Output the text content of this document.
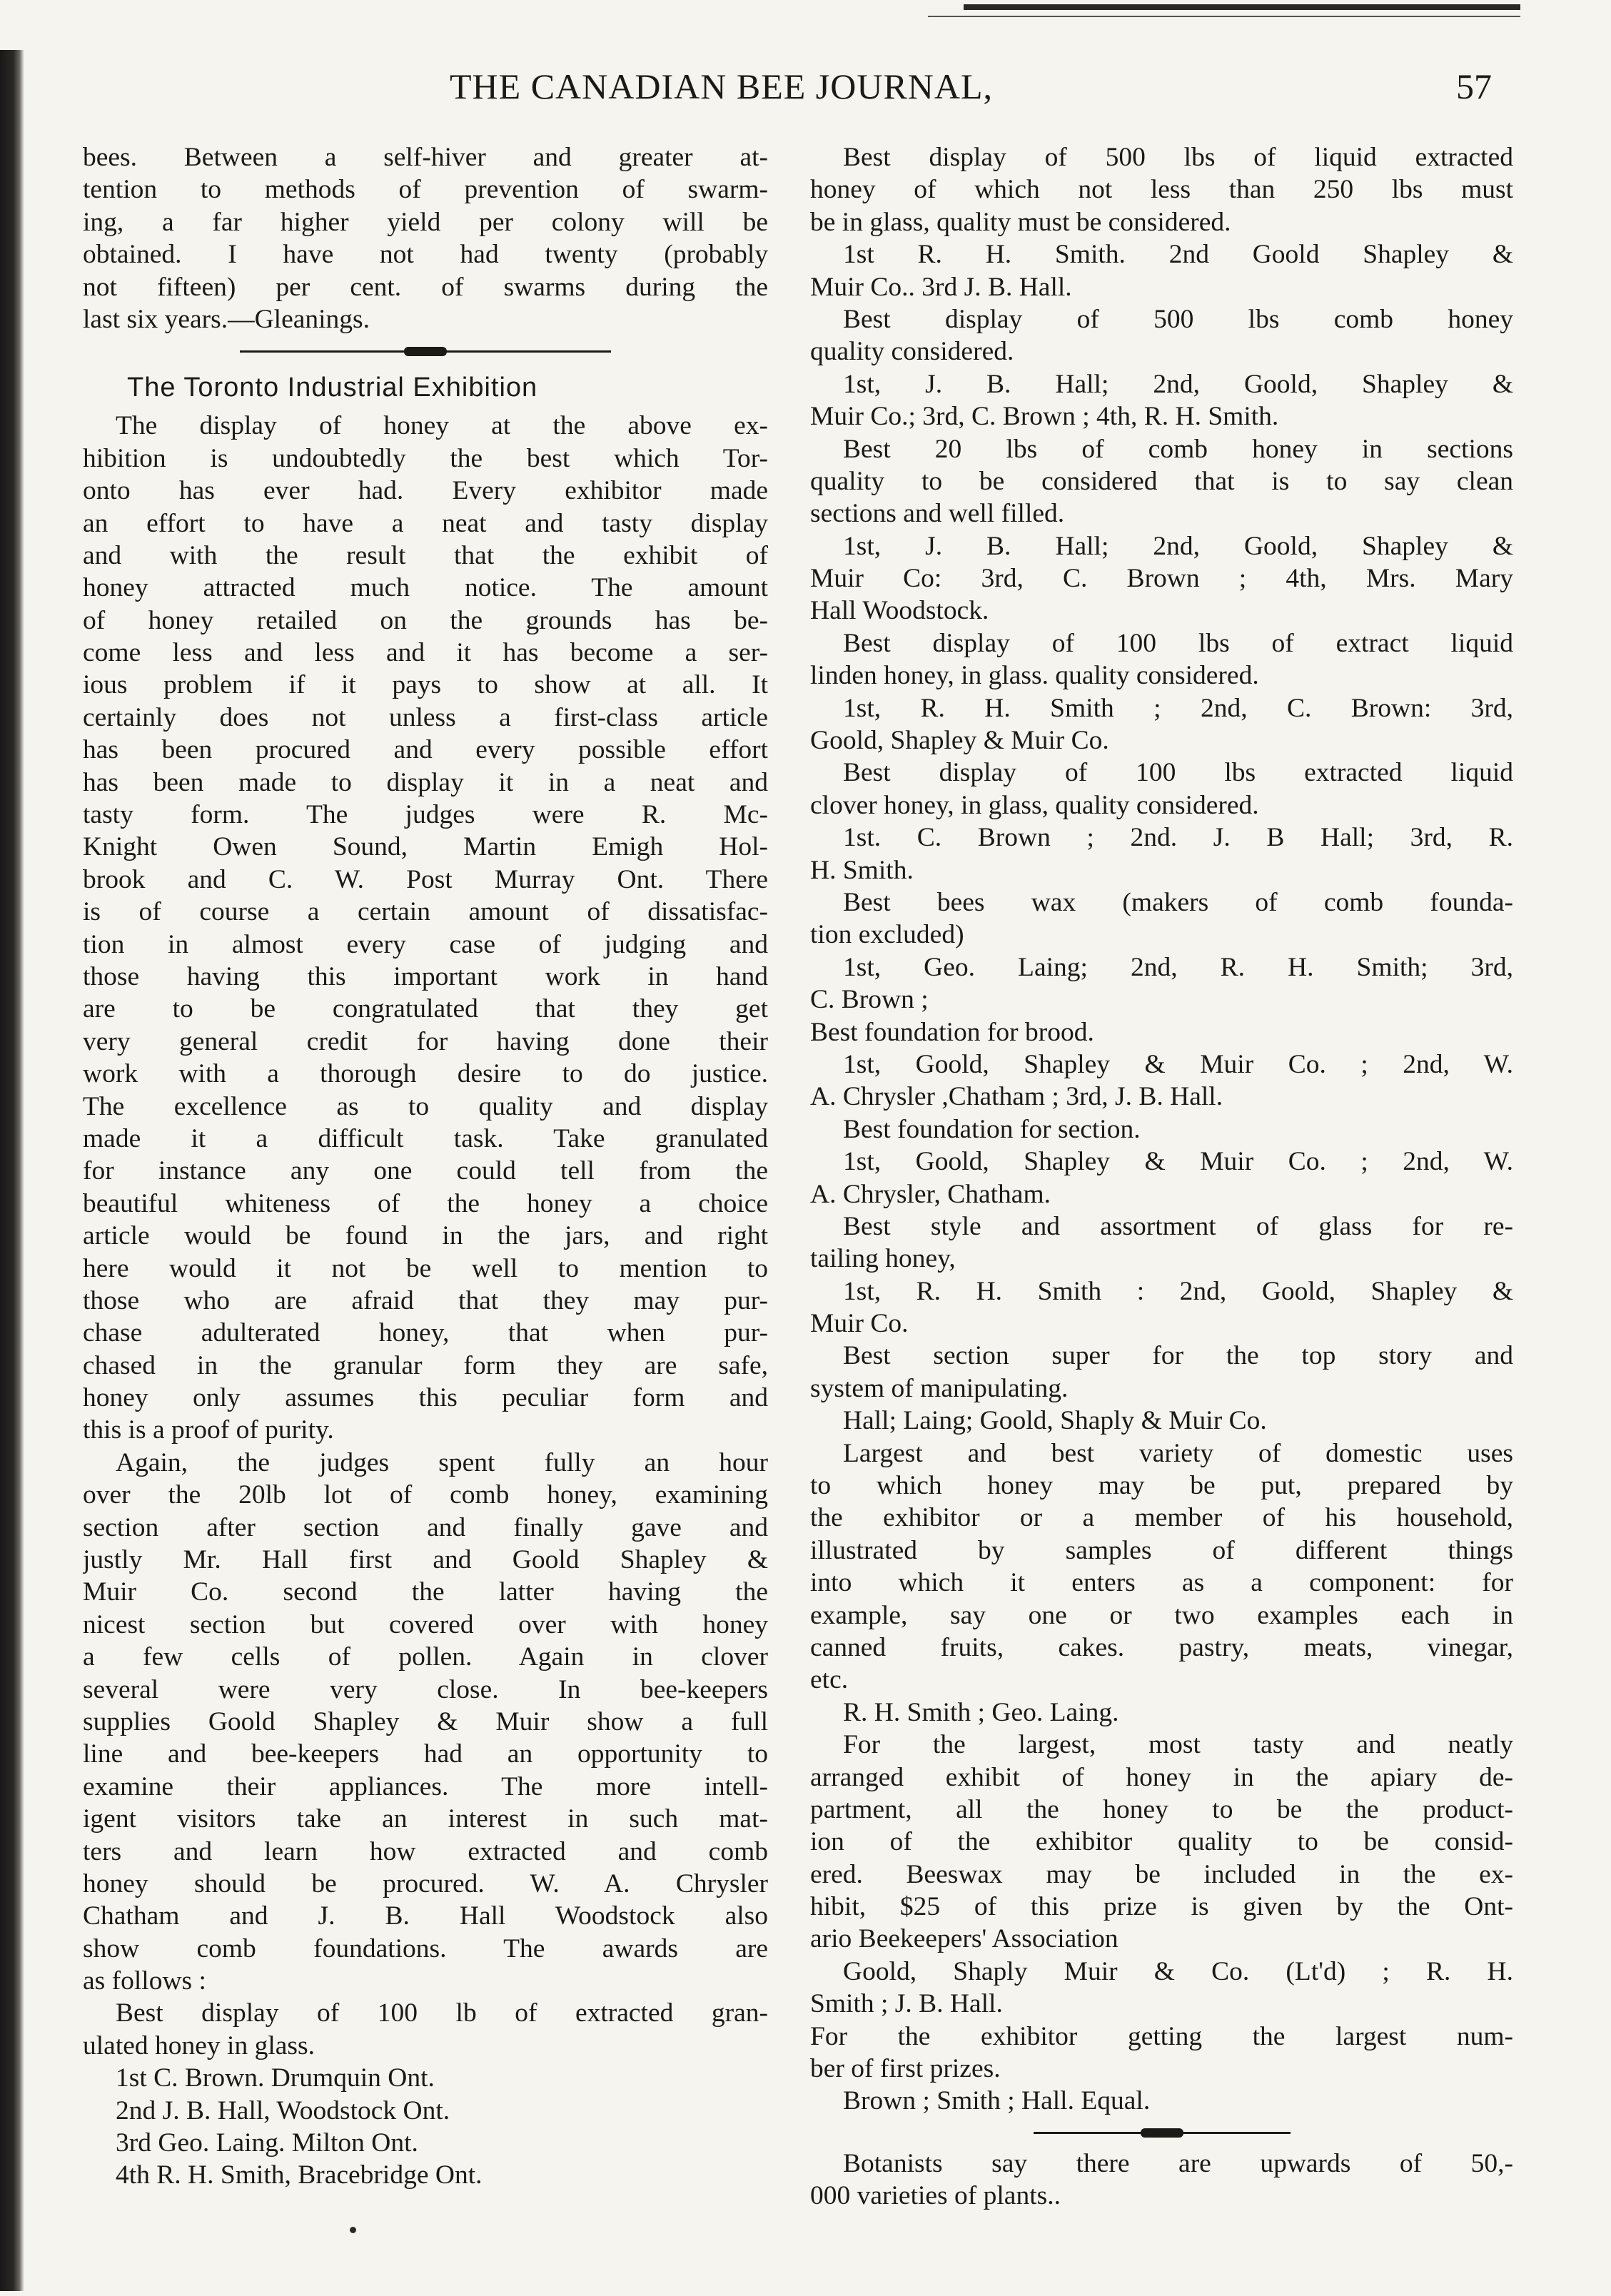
THE CANADIAN BEE JOURNAL,	57
bees. Between a self-hiver and greater at-
tention to methods of prevention of swarm-
ing, a far higher yield per colony will be
obtained. I have not had twenty (probably
not fifteen) per cent. of swarms during the
last six years.—Gleanings.
The Toronto Industrial Exhibition
The display of honey at the above ex-
hibition is undoubtedly the best which Tor-
onto has ever had. Every exhibitor made
an effort to have a neat and tasty display
and with the result that the exhibit of
honey attracted much notice. The amount
of honey retailed on the grounds has be-
come less and less and it has become a ser-
ious problem if it pays to show at all. It
certainly does not unless a first-class article
has been procured and every possible effort
has been made to display it in a neat and
tasty form. The judges were R. Mc-
Knight Owen Sound, Martin Emigh Hol-
brook and C. W. Post Murray Ont. There
is of course a certain amount of dissatisfac-
tion in almost every case of judging and
those having this important work in hand
are to be congratulated that they get
very general credit for having done their
work with a thorough desire to do justice.
The excellence as to quality and display
made it a difficult task. Take granulated
for instance any one could tell from the
beautiful whiteness of the honey a choice
article would be found in the jars, and right
here would it not be well to mention to
those who are afraid that they may pur-
chase adulterated honey, that when pur-
chased in the granular form they are safe,
honey only assumes this peculiar form and
this is a proof of purity.
Again, the judges spent fully an hour
over the 20lb lot of comb honey, examining
section after section and finally gave and
justly Mr. Hall first and Goold Shapley &
Muir Co. second the latter having the
nicest section but covered over with honey
a few cells of pollen. Again in clover
several were very close. In bee-keepers
supplies Goold Shapley & Muir show a full
line and bee-keepers had an opportunity to
examine their appliances. The more intell-
igent visitors take an interest in such mat-
ters and learn how extracted and comb
honey should be procured. W. A. Chrysler
Chatham and J. B. Hall Woodstock also
show comb foundations. The awards are
as follows :
Best display of 100 lb of extracted gran-
ulated honey in glass.
1st C. Brown. Drumquin Ont.
2nd J. B. Hall, Woodstock Ont.
3rd Geo. Laing. Milton Ont.
4th R. H. Smith, Bracebridge Ont.
Best display of 500 lbs of liquid extracted
honey of which not less than 250 lbs must
be in glass, quality must be considered.
1st R. H. Smith. 2nd Goold Shapley &
Muir Co.. 3rd J. B. Hall.
Best display of 500 lbs comb honey
quality considered.
1st, J. B. Hall; 2nd, Goold, Shapley &
Muir Co.; 3rd, C. Brown ; 4th, R. H. Smith.
Best 20 lbs of comb honey in sections
quality to be considered that is to say clean
sections and well filled.
1st, J. B. Hall; 2nd, Goold, Shapley &
Muir Co: 3rd, C. Brown ; 4th, Mrs. Mary
Hall Woodstock.
Best display of 100 lbs of extract liquid
linden honey, in glass. quality considered.
1st, R. H. Smith ; 2nd, C. Brown: 3rd,
Goold, Shapley & Muir Co.
Best display of 100 lbs extracted liquid
clover honey, in glass, quality considered.
1st. C. Brown ; 2nd. J. B Hall; 3rd, R.
H. Smith.
Best bees wax (makers of comb founda-
tion excluded)
1st, Geo. Laing; 2nd, R. H. Smith; 3rd,
C. Brown ;
Best foundation for brood.
1st, Goold, Shapley & Muir Co. ; 2nd, W.
A. Chrysler ,Chatham ; 3rd, J. B. Hall.
Best foundation for section.
1st, Goold, Shapley & Muir Co. ; 2nd, W.
A. Chrysler, Chatham.
Best style and assortment of glass for re-
tailing honey,
1st, R. H. Smith : 2nd, Goold, Shapley &
Muir Co.
Best section super for the top story and
system of manipulating.
Hall; Laing; Goold, Shaply & Muir Co.
Largest and best variety of domestic uses
to which honey may be put, prepared by
the exhibitor or a member of his household,
illustrated by samples of different things
into which it enters as a component: for
example, say one or two examples each in
canned fruits, cakes. pastry, meats, vinegar,
etc.
R. H. Smith ; Geo. Laing.
For the largest, most tasty and neatly
arranged exhibit of honey in the apiary de-
partment, all the honey to be the product-
ion of the exhibitor quality to be consid-
ered. Beeswax may be included in the ex-
hibit, $25 of this prize is given by the Ont-
ario Beekeepers' Association
Goold, Shaply Muir & Co. (Lt'd) ; R. H.
Smith ; J. B. Hall.
For the exhibitor getting the largest num-
ber of first prizes.
Brown ; Smith ; Hall. Equal.
Botanists say there are upwards of 50,-
000 varieties of plants..
